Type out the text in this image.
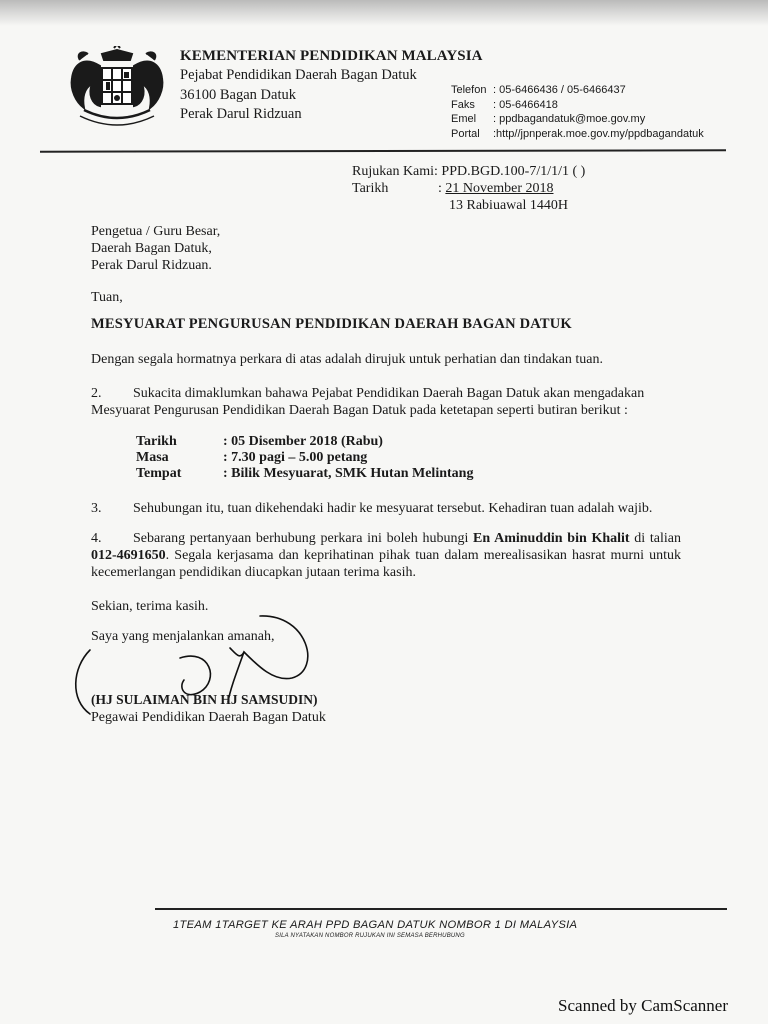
KEMENTERIAN PENDIDIKAN MALAYSIA
Pejabat Pendidikan Daerah Bagan Datuk
36100 Bagan Datuk
Perak Darul Ridzuan
Telefon : 05-6466436 / 05-6466437
Faks	: 05-6466418
Emel	: ppdbagandatuk@moe.gov.my
Portal	:http//jpnperak.moe.gov.my/ppdbagandatuk
Rujukan Kami : PPD.BGD.100-7/1/1/1 ( )
Tarikh	: 21 November 2018
13 Rabiuawal 1440H
Pengetua / Guru Besar,
Daerah Bagan Datuk,
Perak Darul Ridzuan.
Tuan,
MESYUARAT PENGURUSAN PENDIDIKAN DAERAH BAGAN DATUK
Dengan segala hormatnya perkara di atas adalah dirujuk untuk perhatian dan tindakan tuan.
2. Sukacita dimaklumkan bahawa Pejabat Pendidikan Daerah Bagan Datuk akan mengadakan Mesyuarat Pengurusan Pendidikan Daerah Bagan Datuk pada ketetapan seperti butiran berikut :
Tarikh	: 05 Disember 2018 (Rabu)
Masa	: 7.30 pagi – 5.00 petang
Tempat	: Bilik Mesyuarat, SMK Hutan Melintang
3. Sehubungan itu, tuan dikehendaki hadir ke mesyuarat tersebut. Kehadiran tuan adalah wajib.
4. Sebarang pertanyaan berhubung perkara ini boleh hubungi En Aminuddin bin Khalit di talian 012-4691650. Segala kerjasama dan keprihatinan pihak tuan dalam merealisasikan hasrat murni untuk kecemerlangan pendidikan diucapkan jutaan terima kasih.
Sekian, terima kasih.
Saya yang menjalankan amanah,
(HJ SULAIMAN BIN HJ SAMSUDIN)
Pegawai Pendidikan Daerah Bagan Datuk
1TEAM 1TARGET KE ARAH PPD BAGAN DATUK NOMBOR 1 DI MALAYSIA
SILA NYATAKAN NOMBOR RUJUKAN INI SEMASA BERHUBUNG
Scanned by CamScanner
